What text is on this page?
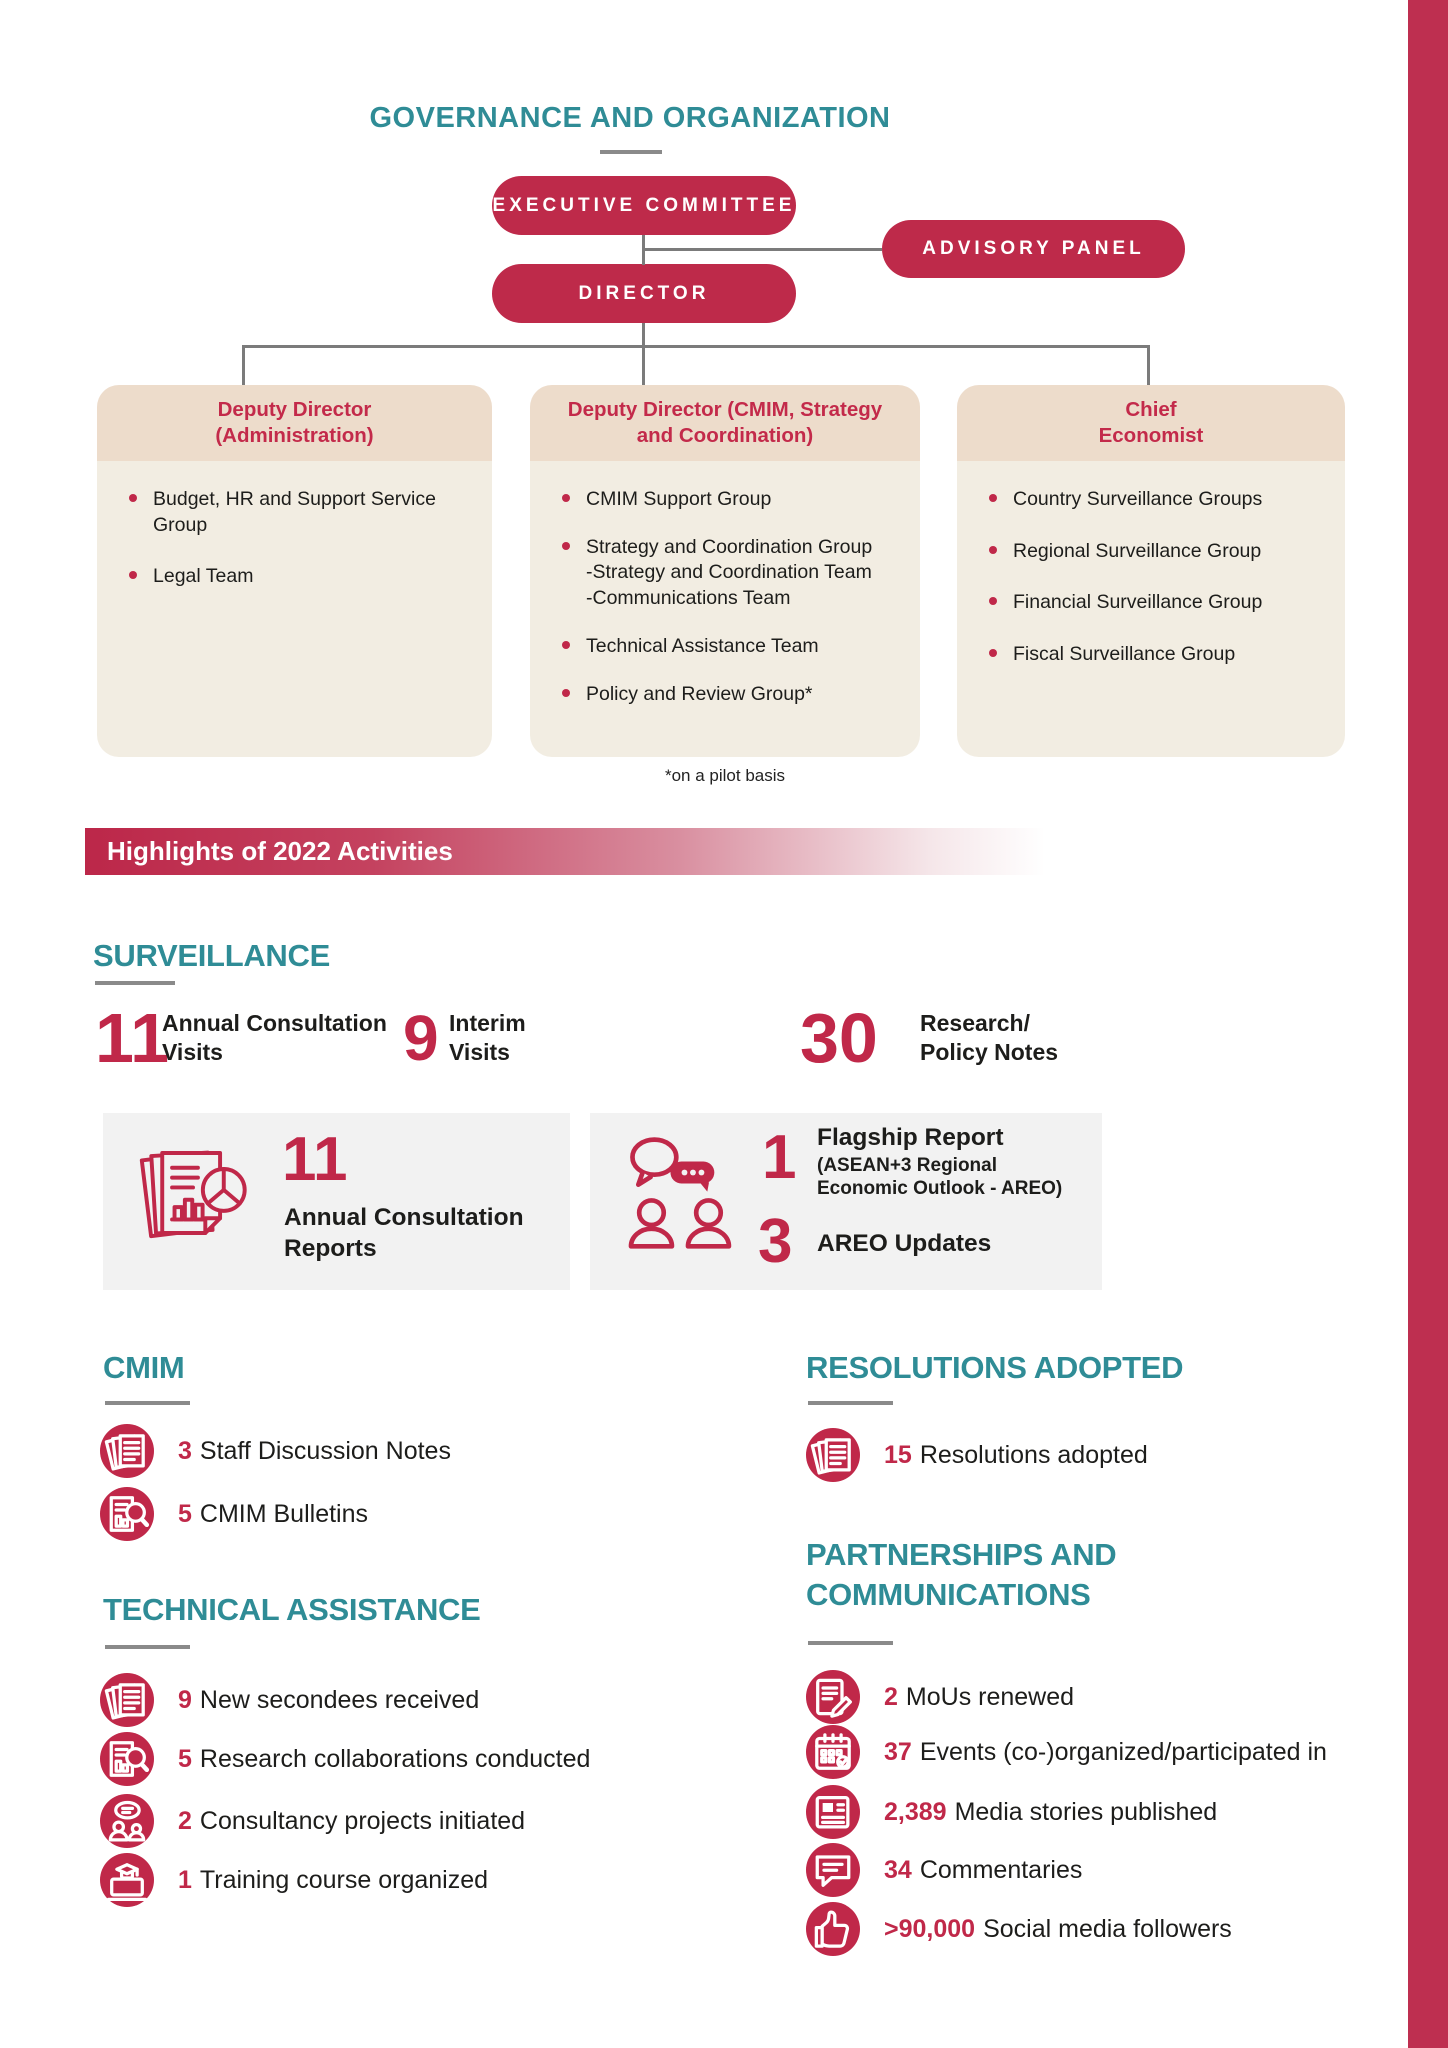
GOVERNANCE AND ORGANIZATION
EXECUTIVE COMMITTEE
ADVISORY PANEL
DIRECTOR
Deputy Director
(Administration)
Budget, HR and Support Service Group
Legal Team
Deputy Director (CMIM, Strategy
and Coordination)
CMIM Support Group
Strategy and Coordination Group
-Strategy and Coordination Team
-Communications Team
Technical Assistance Team
Policy and Review Group*
Chief
Economist
Country Surveillance Groups
Regional Surveillance Group
Financial Surveillance Group
Fiscal Surveillance Group
*on a pilot basis
Highlights of 2022 Activities
SURVEILLANCE
11
Annual Consultation
Visits	9 Interim
Visits	30 Research/
Policy Notes
11
Annual Consultation
Reports
1 Flagship Report
(ASEAN+3 Regional
Economic Outlook - AREO)
3 AREO Updates
CMIM
3 Staff Discussion Notes
5 CMIM Bulletins
TECHNICAL ASSISTANCE
9 New secondees received
5 Research collaborations conducted
2 Consultancy projects initiated
1 Training course organized
RESOLUTIONS ADOPTED
15 Resolutions adopted
PARTNERSHIPS AND
COMMUNICATIONS
2 MoUs renewed
37 Events (co-)organized/participated in
2,389 Media stories published
34 Commentaries
>90,000 Social media followers
